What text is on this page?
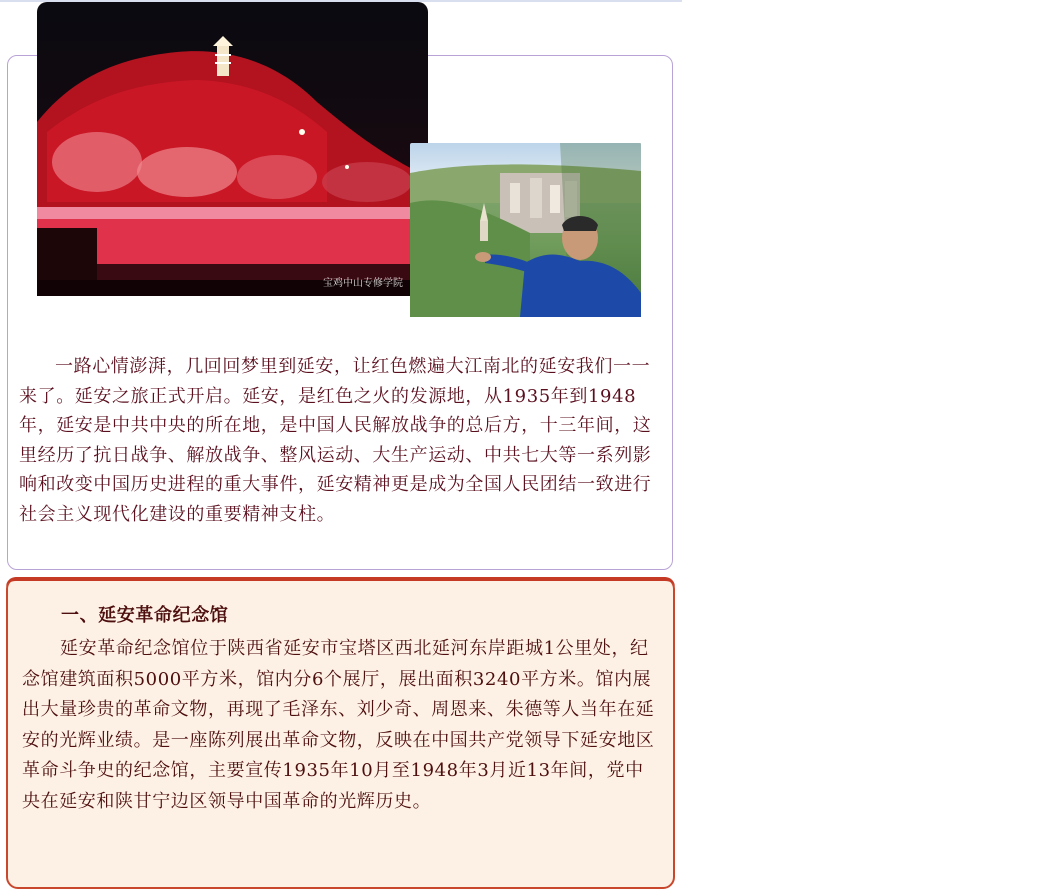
宝鸡中山专修学院
宝鸡中山专修学院

一路心情澎湃，几回回梦里到延安，让红色燃遍大江南北的延安我们一一来了。延安之旅正式开启。延安，是红色之火的发源地，从1935年到1948年，延安是中共中央的所在地，是中国人民解放战争的总后方，十三年间，这里经历了抗日战争、解放战争、整风运动、大生产运动、中共七大等一系列影响和改变中国历史进程的重大事件，延安精神更是成为全国人民团结一致进行社会主义现代化建设的重要精神支柱。

一、延安革命纪念馆

延安革命纪念馆位于陕西省延安市宝塔区西北延河东岸距城1公里处，纪念馆建筑面积5000平方米，馆内分6个展厅，展出面积3240平方米。馆内展出大量珍贵的革命文物，再现了毛泽东、刘少奇、周恩来、朱德等人当年在延安的光辉业绩。是一座陈列展出革命文物，反映在中国共产党领导下延安地区革命斗争史的纪念馆，主要宣传1935年10月至1948年3月近13年间，党中央在延安和陕甘宁边区领导中国革命的光辉历史。
